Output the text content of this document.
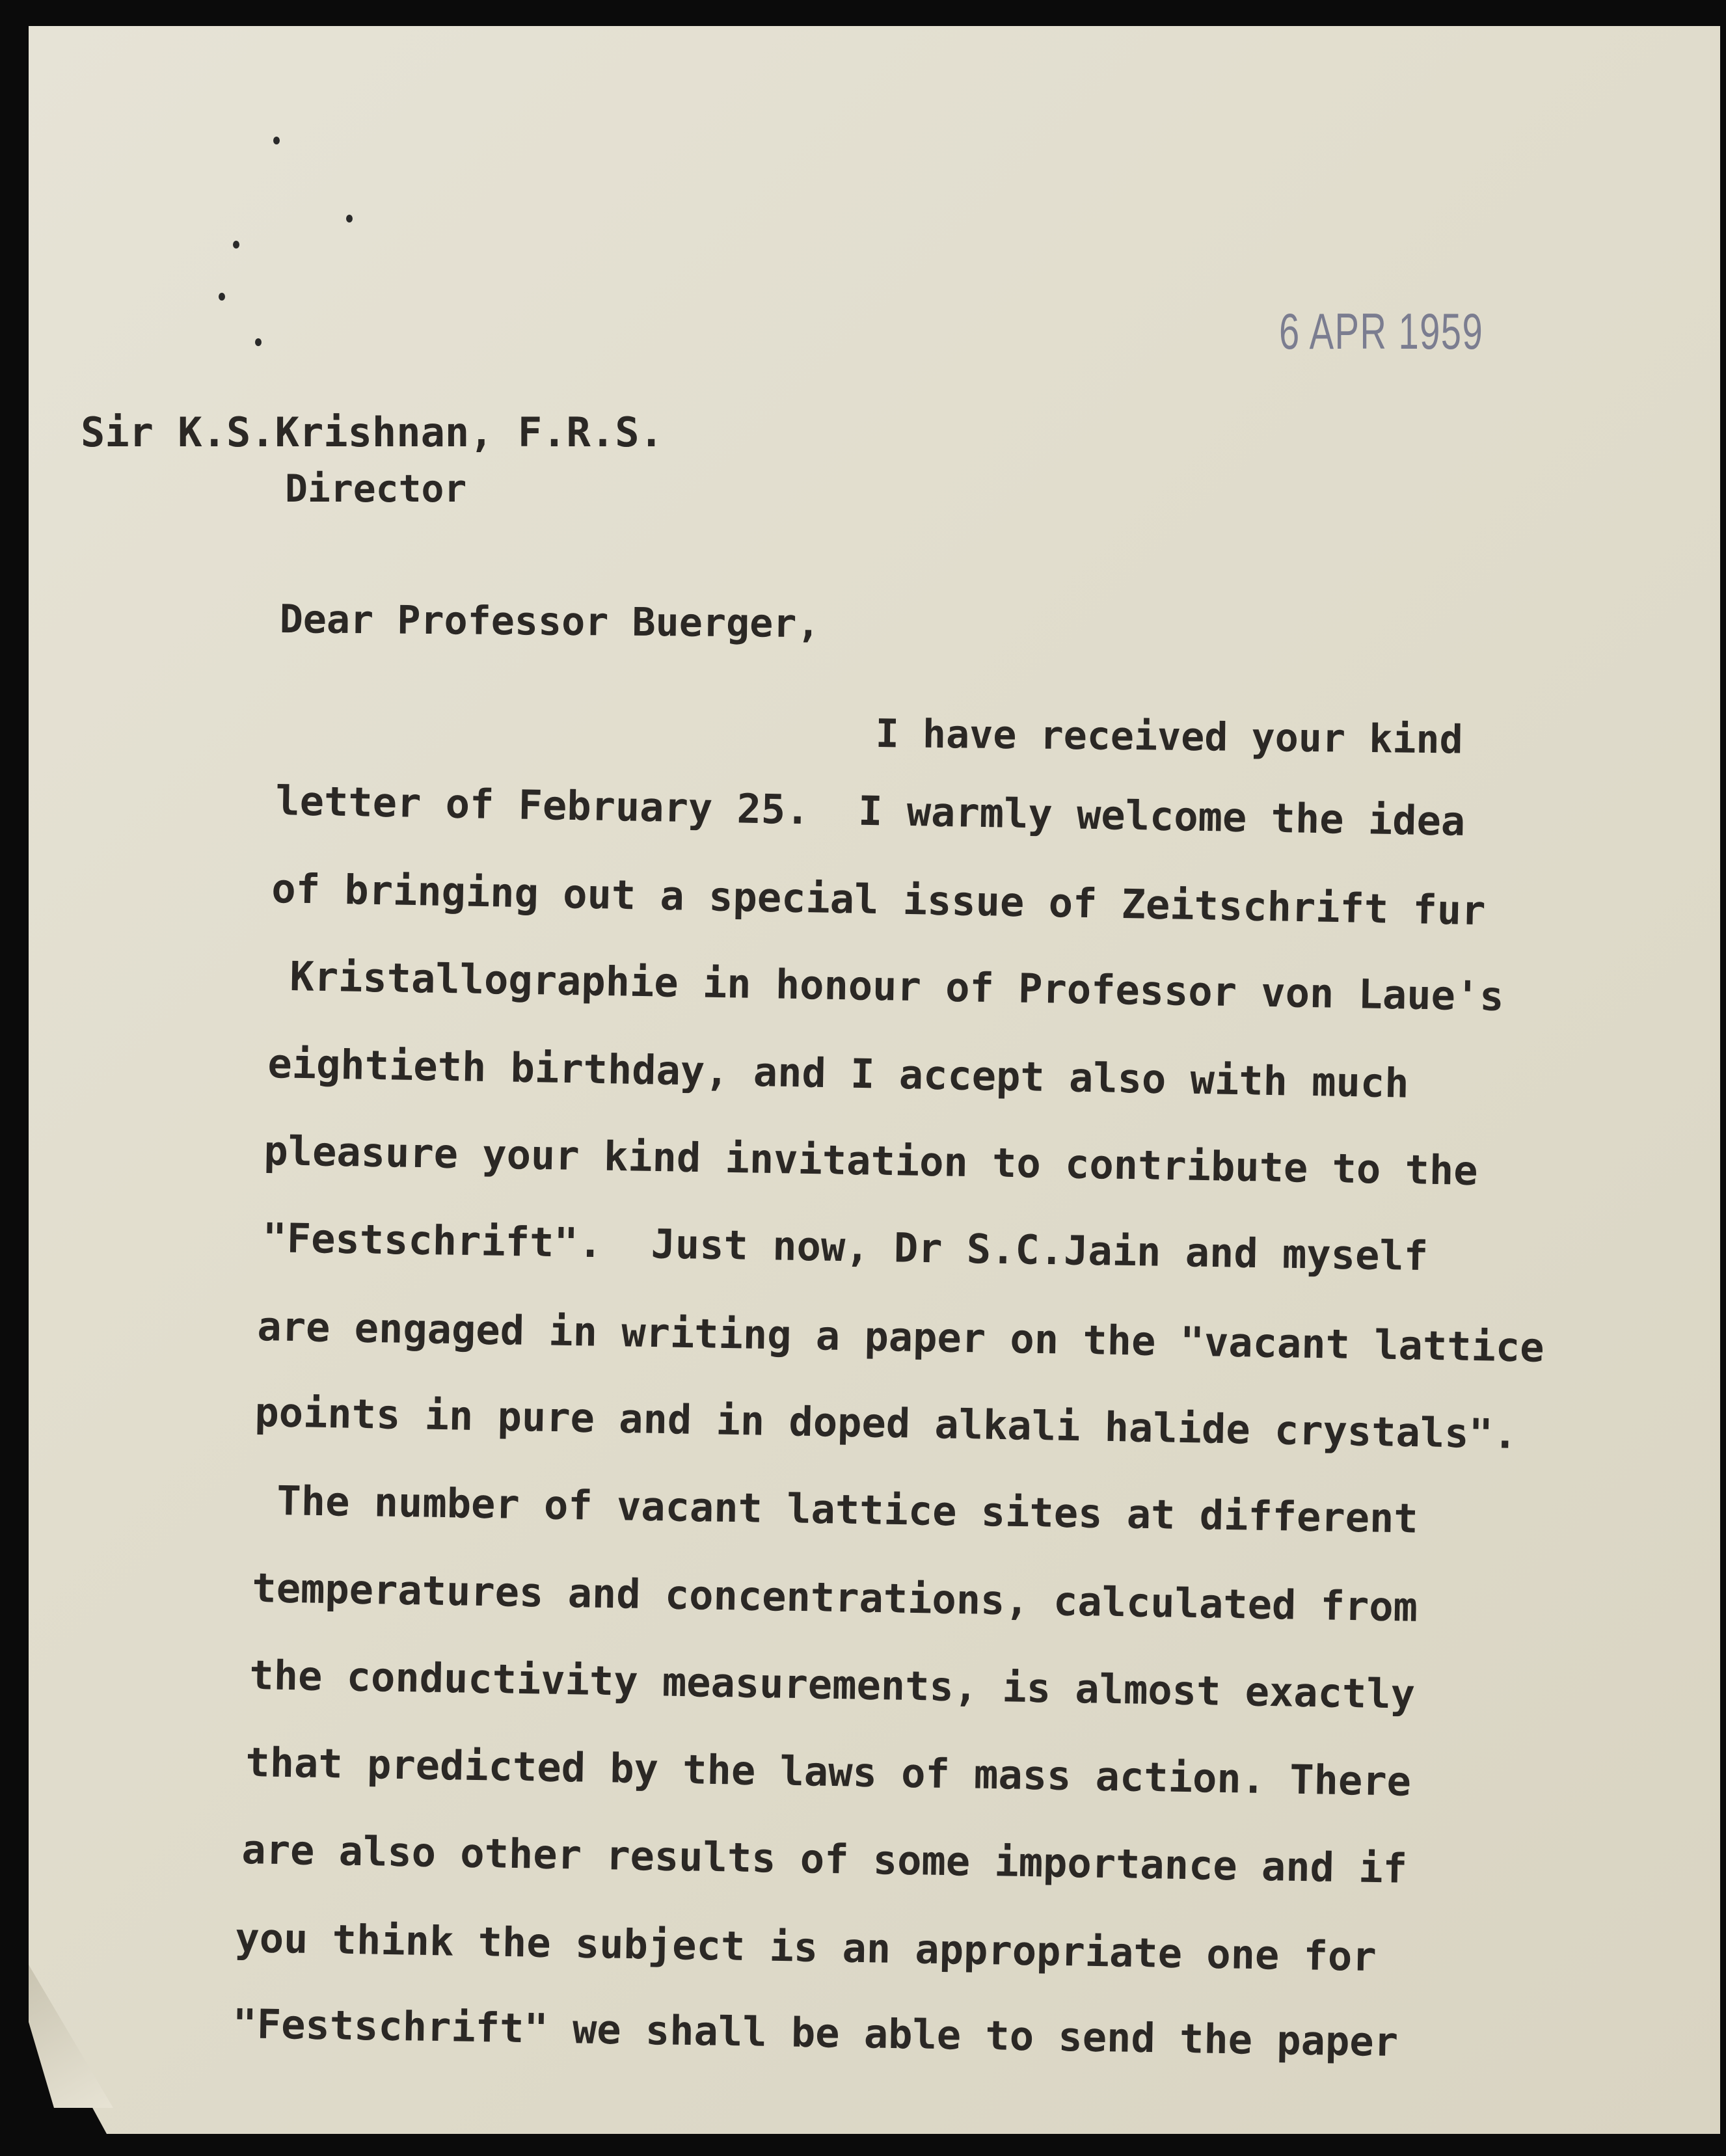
6 APR 1959
Sir K.S.Krishnan, F.R.S.
Director
Dear Professor Buerger,
I have received your kind
letter of February 25.  I warmly welcome the idea
of bringing out a special issue of Zeitschrift fur
Kristallographie in honour of Professor von Laue's
eightieth birthday, and I accept also with much
pleasure your kind invitation to contribute to the
"Festschrift".  Just now, Dr S.C.Jain and myself
are engaged in writing a paper on the "vacant lattice
points in pure and in doped alkali halide crystals".
The number of vacant lattice sites at different
temperatures and concentrations, calculated from
the conductivity measurements, is almost exactly
that predicted by the laws of mass action. There
are also other results of some importance and if
you think the subject is an appropriate one for
"Festschrift" we shall be able to send the paper
